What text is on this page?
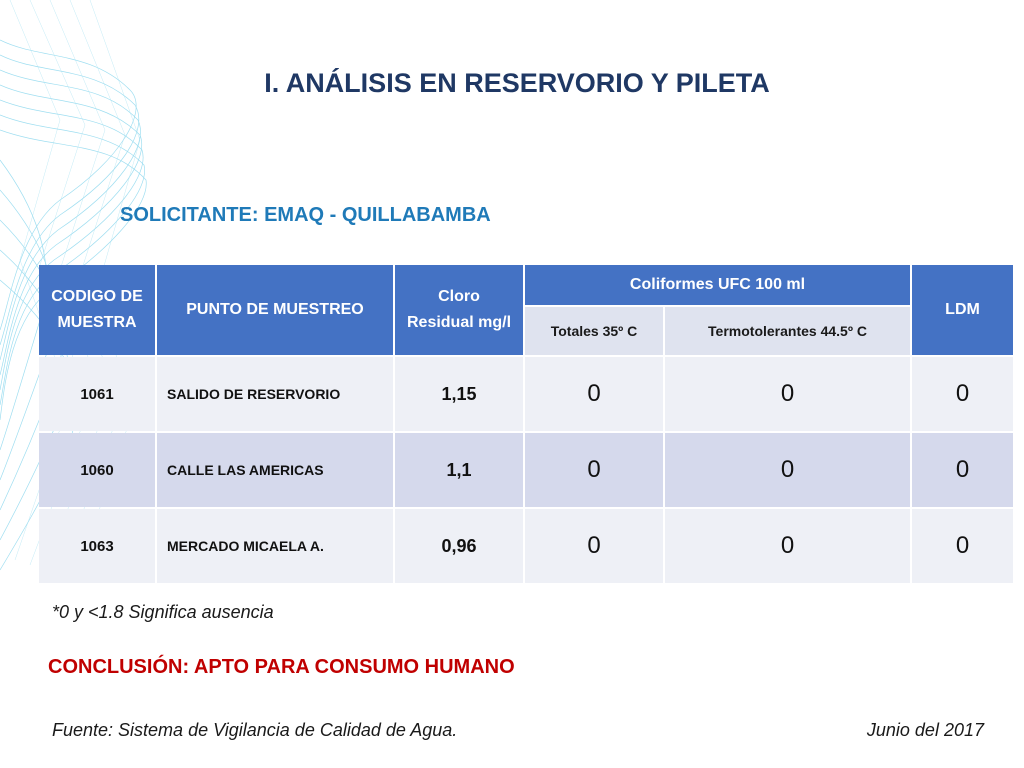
I. ANÁLISIS EN RESERVORIO Y PILETA
SOLICITANTE: EMAQ - QUILLABAMBA
CODIGO DE MUESTRA	PUNTO DE MUESTREO	Cloro Residual mg/l	Coliformes UFC 100 ml		LDM
			Totales 35º C	Termotolerantes 44.5º C	
1061	SALIDO DE RESERVORIO	1,15	0	0	0
1060	CALLE LAS AMERICAS	1,1	0	0	0
1063	MERCADO MICAELA A.	0,96	0	0	0
*0 y <1.8 Significa ausencia
CONCLUSIÓN: APTO PARA CONSUMO HUMANO
Fuente: Sistema de Vigilancia de Calidad de Agua.	Junio del 2017
